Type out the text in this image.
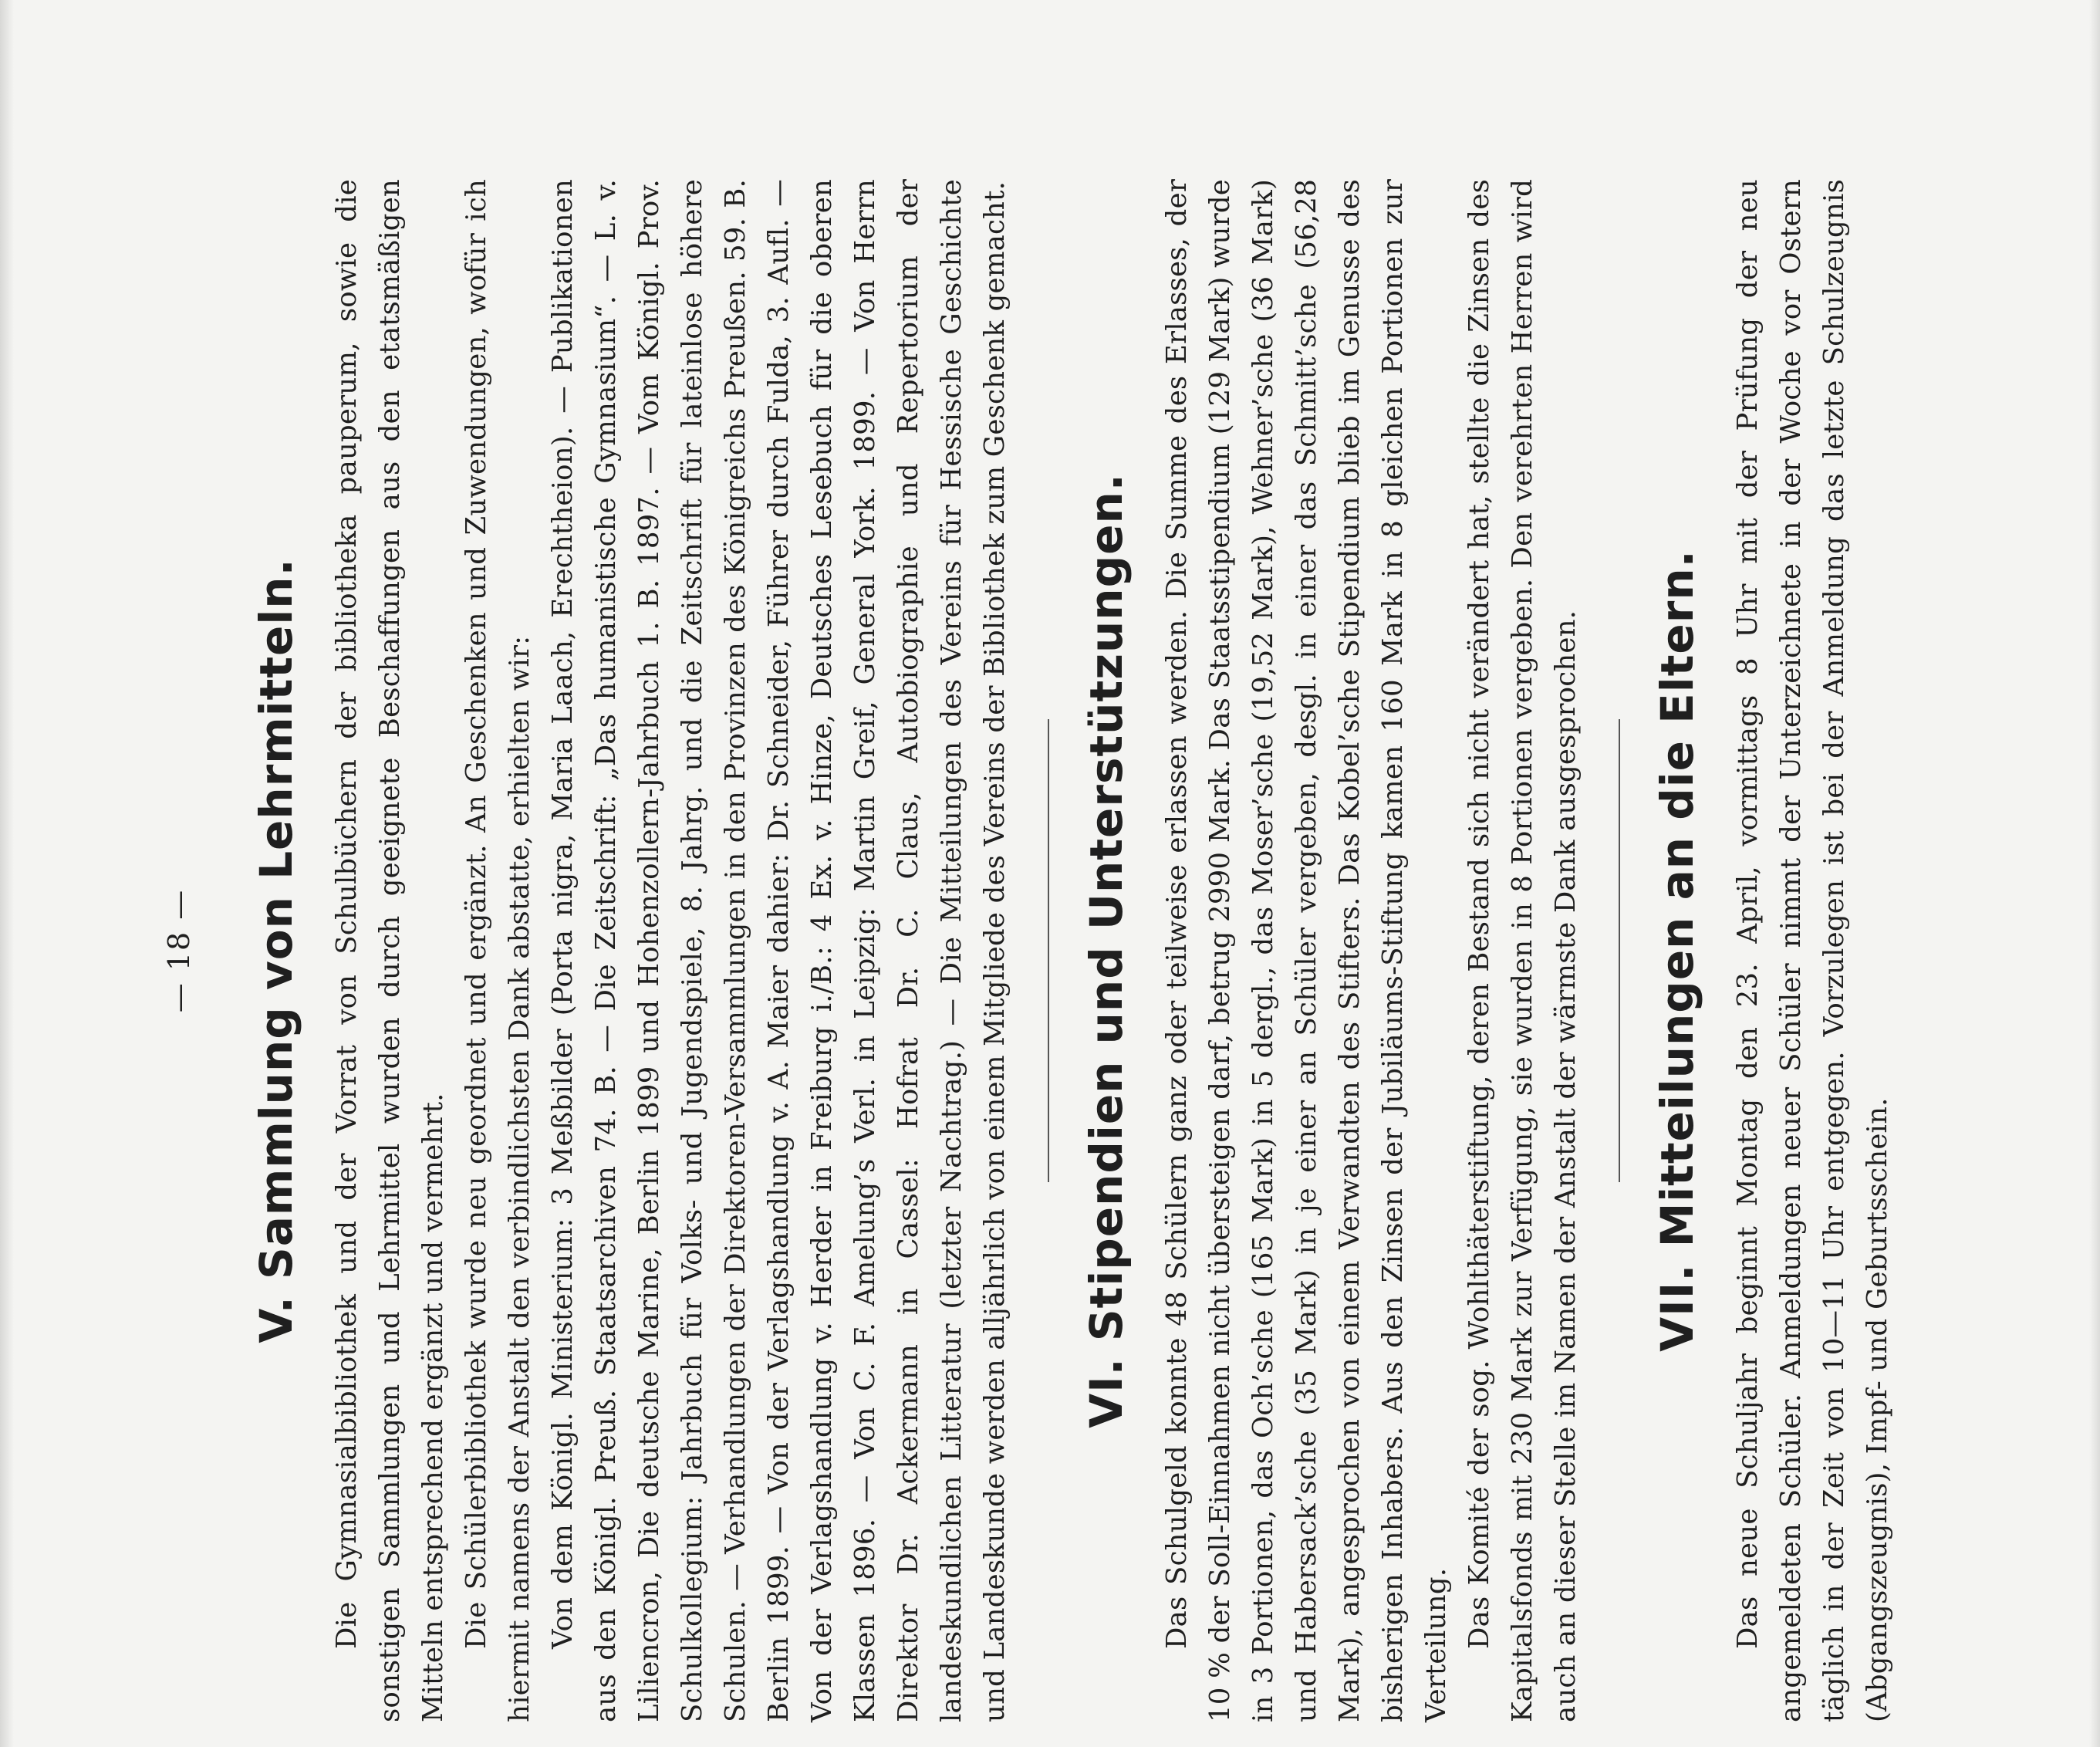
— 18 — V. Sammlung von Lehrmitteln. Die Gymnasialbibliothek und der Vorrat von Schulbüchern der bibliotheka pauperum, sowie die sonstigen Sammlungen und Lehrmittel wurden durch geeignete Beschaffungen aus den etatsmäßigen Mitteln entsprechend ergänzt und vermehrt. Die Schülerbibliothek wurde neu geordnet und ergänzt. An Geschenken und Zuwendungen, wofür ich hiermit namens der Anstalt den verbindlichsten Dank abstatte, erhielten wir: Von dem Königl. Ministerium: 3 Meßbilder (Porta nigra, Maria Laach, Erechtheion). — Publikationen aus den Königl. Preuß. Staatsarchiven 74. B. — Die Zeitschrift: „Das humanistische Gymnasium“. — L. v. Liliencron, Die deutsche Marine, Berlin 1899 und Hohenzollern-Jahrbuch 1. B. 1897. — Vom Königl. Prov. Schulkollegium: Jahrbuch für Volks- und Jugendspiele, 8. Jahrg. und die Zeitschrift für lateinlose höhere Schulen. — Verhandlungen der Direktoren-Versammlungen in den Provinzen des Königreichs Preußen. 59. B. Berlin 1899. — Von der Verlagshandlung v. A. Maier dahier: Dr. Schneider, Führer durch Fulda, 3. Aufl. — Von der Verlagshandlung v. Herder in Freiburg i./B.: 4 Ex. v. Hinze, Deutsches Lesebuch für die oberen Klassen 1896. — Von C. F. Amelung’s Verl. in Leipzig: Martin Greif, General York. 1899. — Von Herrn Direktor Dr. Ackermann in Cassel: Hofrat Dr. C. Claus, Autobiographie und Repertorium der landeskundlichen Litteratur (letzter Nachtrag.) — Die Mitteilungen des Vereins für Hessische Geschichte und Landeskunde werden alljährlich von einem Mitgliede des Vereins der Bibliothek zum Geschenk gemacht. VI. Stipendien und Unterstützungen. Das Schulgeld konnte 48 Schülern ganz oder teilweise erlassen werden. Die Summe des Erlasses, der 10 % der Soll-Einnahmen nicht übersteigen darf, betrug 2990 Mark. Das Staatsstipendium (129 Mark) wurde in 3 Portionen, das Och’sche (165 Mark) in 5 dergl., das Moser’sche (19,52 Mark), Wehner’sche (36 Mark) und Habersack’sche (35 Mark) in je einer an Schüler vergeben, desgl. in einer das Schmitt’sche (56,28 Mark), angesprochen von einem Verwandten des Stifters. Das Kobel’sche Stipendium blieb im Genusse des bisherigen Inhabers. Aus den Zinsen der Jubiläums-Stiftung kamen 160 Mark in 8 gleichen Portionen zur Verteilung. Das Komité der sog. Wohlthäterstiftung, deren Bestand sich nicht verändert hat, stellte die Zinsen des Kapitalsfonds mit 230 Mark zur Verfügung, sie wurden in 8 Portionen vergeben. Den verehrten Herren wird auch an dieser Stelle im Namen der Anstalt der wärmste Dank ausgesprochen. VII. Mitteilungen an die Eltern. Das neue Schuljahr beginnt Montag den 23. April, vormittags 8 Uhr mit der Prüfung der neu angemeldeten Schüler. Anmeldungen neuer Schüler nimmt der Unterzeichnete in der Woche vor Ostern täglich in der Zeit von 10—11 Uhr entgegen. Vorzulegen ist bei der Anmeldung das letzte Schulzeugnis (Abgangszeugnis), Impf- und Geburtsschein.
